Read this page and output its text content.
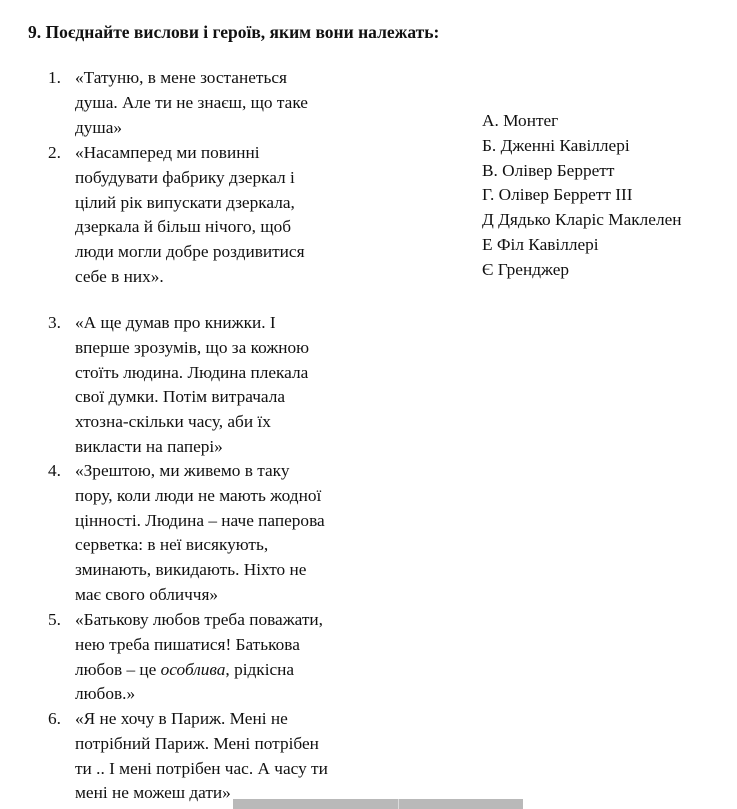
9. Поєднайте вислови і героїв, яким вони належать:
1. «Татуню, в мене зостанеться
душа. Але ти не знаєш, що таке
душа»
2. «Насамперед ми повинні
побудувати фабрику дзеркал і
цілий рік випускати дзеркала,
дзеркала й більш нічого, щоб
люди могли добре роздивитися
себе в них».
3. «А ще думав про книжки. І
вперше зрозумів, що за кожною
стоїть людина. Людина плекала
свої думки. Потім витрачала
хтозна-скільки часу, аби їх
викласти на папері»
4. «Зрештою, ми живемо в таку
пору, коли люди не мають жодної
цінності. Людина – наче паперова
серветка: в неї висякують,
зминають, викидають. Ніхто не
має свого обличчя»
5. «Батькову любов треба поважати,
нею треба пишатися! Батькова
любов – це особлива, рідкісна
любов.»
6. «Я не хочу в Париж. Мені не
потрібний Париж. Мені потрібен
ти .. І мені потрібен час. А часу ти
мені не можеш дати»
А. Монтег
Б. Дженні Кавіллері
В. Олівер Берретт
Г. Олівер Берретт ІІІ
Д Дядько Кларіс Маклелен
Е Філ Кавіллері
Є Гренджер
